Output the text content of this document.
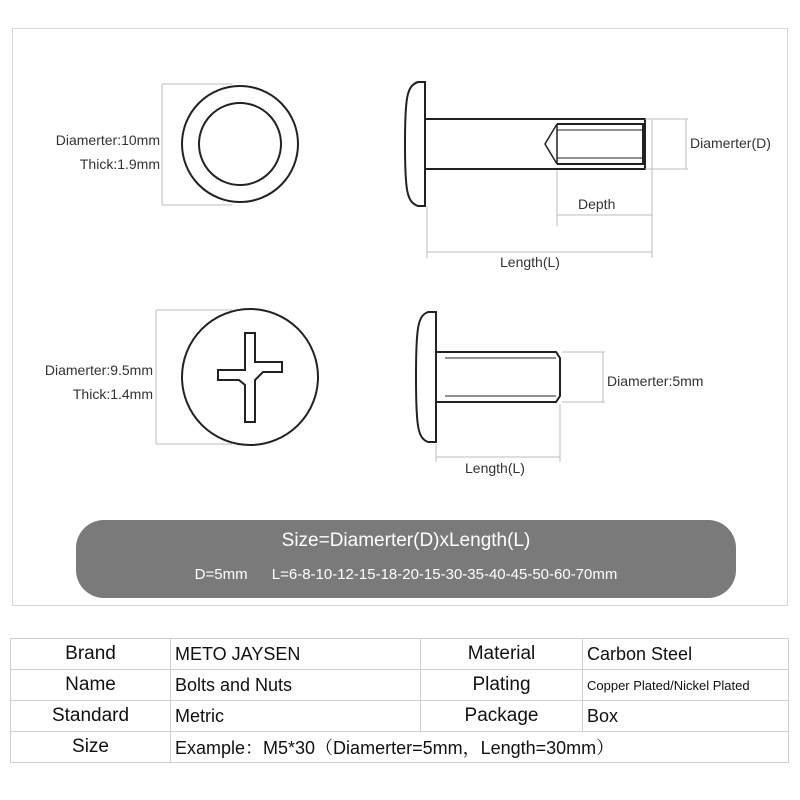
Diamerter:10mm
Thick:1.9mm
Diamerter(D)
Depth
Length(L)
Diamerter:9.5mm
Thick:1.4mm
Diamerter:5mm
Length(L)
Size=Diamerter(D)xLength(L)
D=5mm L=6-8-10-12-15-18-20-15-30-35-40-45-50-60-70mm
Brand	METO JAYSEN	Material	Carbon Steel
Name	Bolts and Nuts	Plating	Copper Plated/Nickel Plated
Standard	Metric	Package	Box
Size	Example：M5*30（Diamerter=5mm，Length=30mm）		
